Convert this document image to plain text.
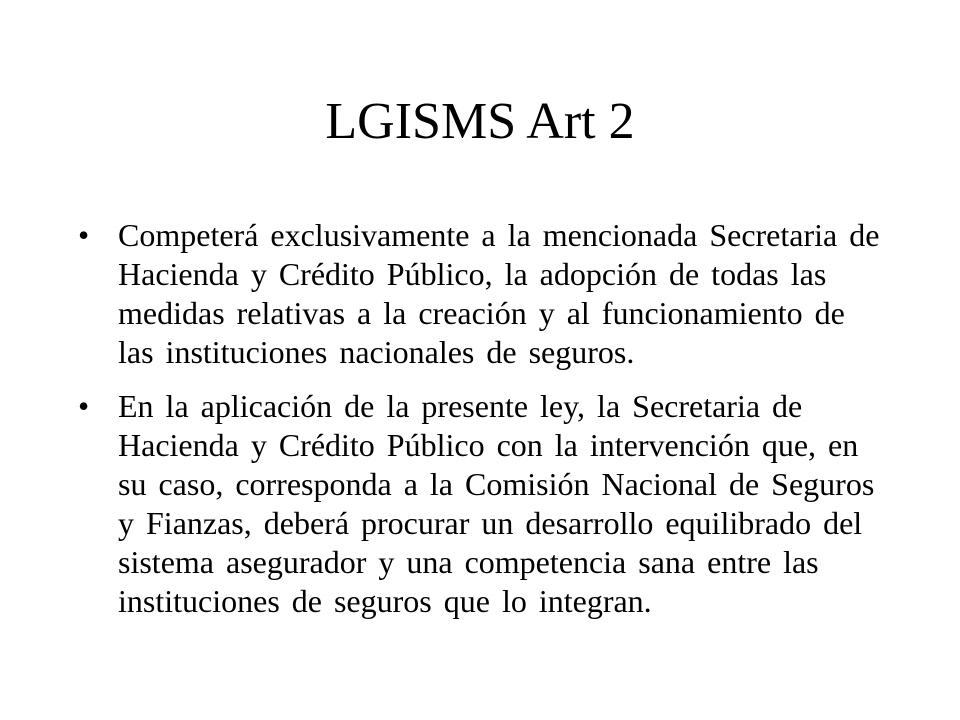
LGISMS Art 2
• Competerá exclusivamente a la mencionada Secretaria de Hacienda y Crédito Público, la adopción de todas las medidas relativas a la creación y al funcionamiento de las instituciones nacionales de seguros.
• En la aplicación de la presente ley, la Secretaria de Hacienda y Crédito Público con la intervención que, en su caso, corresponda a la Comisión Nacional de Seguros y Fianzas, deberá procurar un desarrollo equilibrado del sistema asegurador y una competencia sana entre las instituciones de seguros que lo integran.
